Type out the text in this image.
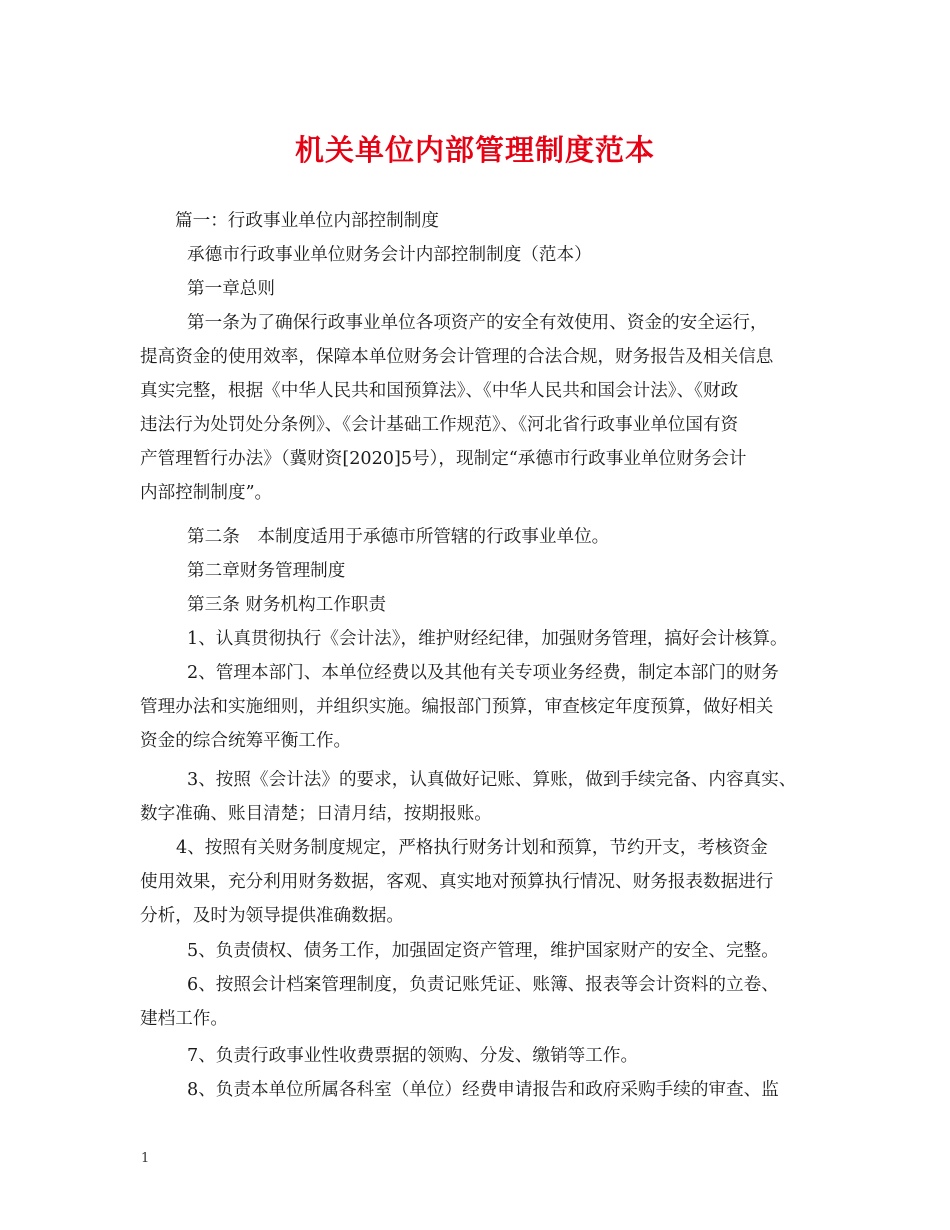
机关单位内部管理制度范本

篇一：行政事业单位内部控制制度

承德市行政事业单位财务会计内部控制制度（范本）

第一章总则

第一条为了确保行政事业单位各项资产的安全有效使用、资金的安全运行，

提高资金的使用效率，保障本单位财务会计管理的合法合规，财务报告及相关信息

真实完整，根据《中华人民共和国预算法》、《中华人民共和国会计法》、《财政

违法行为处罚处分条例》、《会计基础工作规范》、《河北省行政事业单位国有资

产管理暂行办法》（冀财资[2020]5号），现制定“承德市行政事业单位财务会计

内部控制制度”。

第二条　本制度适用于承德市所管辖的行政事业单位。

第二章财务管理制度

第三条 财务机构工作职责

1、认真贯彻执行《会计法》，维护财经纪律，加强财务管理，搞好会计核算。

2、管理本部门、本单位经费以及其他有关专项业务经费，制定本部门的财务

管理办法和实施细则，并组织实施。编报部门预算，审查核定年度预算，做好相关

资金的综合统筹平衡工作。

3、按照《会计法》的要求，认真做好记账、算账，做到手续完备、内容真实、

数字准确、账目清楚；日清月结，按期报账。

4、按照有关财务制度规定，严格执行财务计划和预算，节约开支，考核资金

使用效果，充分利用财务数据，客观、真实地对预算执行情况、财务报表数据进行

分析，及时为领导提供准确数据。

5、负责债权、债务工作，加强固定资产管理，维护国家财产的安全、完整。

6、按照会计档案管理制度，负责记账凭证、账簿、报表等会计资料的立卷、

建档工作。

7、负责行政事业性收费票据的领购、分发、缴销等工作。

8、负责本单位所属各科室（单位）经费申请报告和政府采购手续的审查、监

1
